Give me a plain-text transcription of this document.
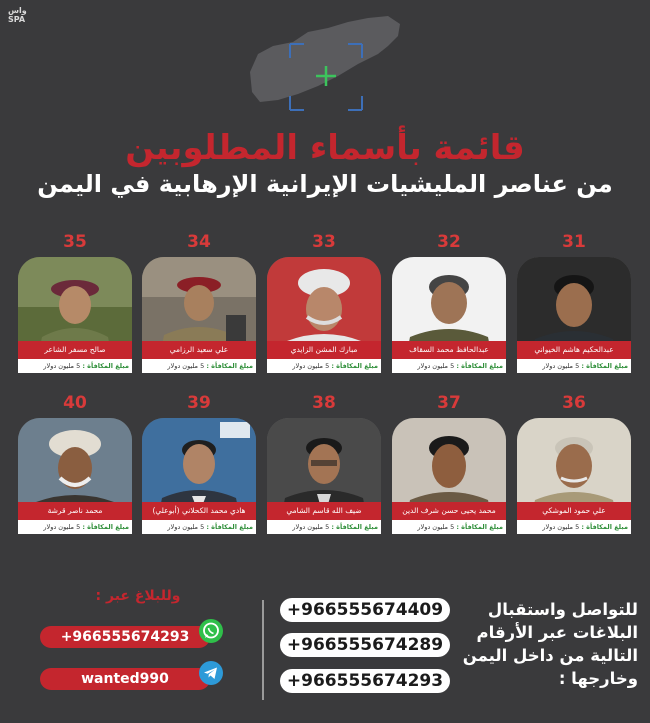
واس
SPA
قائمة بأسماء المطلوبين
من عناصر المليشيات الإيرانية الإرهابية في اليمن
35
صالح مسفر الشاعر
مبلغ المكافأة : 5 مليون دولار
34
علي سعيد الرزامي
مبلغ المكافأة : 5 مليون دولار
33
مبارك المشن الزايدي
مبلغ المكافأة : 5 مليون دولار
32
عبدالحافظ محمد السقاف
مبلغ المكافأة : 5 مليون دولار
31
عبدالحكيم هاشم الخيواني
مبلغ المكافأة : 5 مليون دولار
40
محمد ناصر قرشة
مبلغ المكافأة : 5 مليون دولار
39
هادي محمد الكحلاني (أبوعلي)
مبلغ المكافأة : 5 مليون دولار
38
ضيف الله قاسم الشامي
مبلغ المكافأة : 5 مليون دولار
37
محمد يحيى حسن شرف الدين
مبلغ المكافأة : 5 مليون دولار
36
علي حمود الموشكي
مبلغ المكافأة : 5 مليون دولار
وللبلاغ عبر :
+966555674293
wanted990
+966555674409
+966555674289
+966555674293
للتواصل واستقبال البلاغات عبر الأرقام التالية من داخل اليمن وخارجها :
